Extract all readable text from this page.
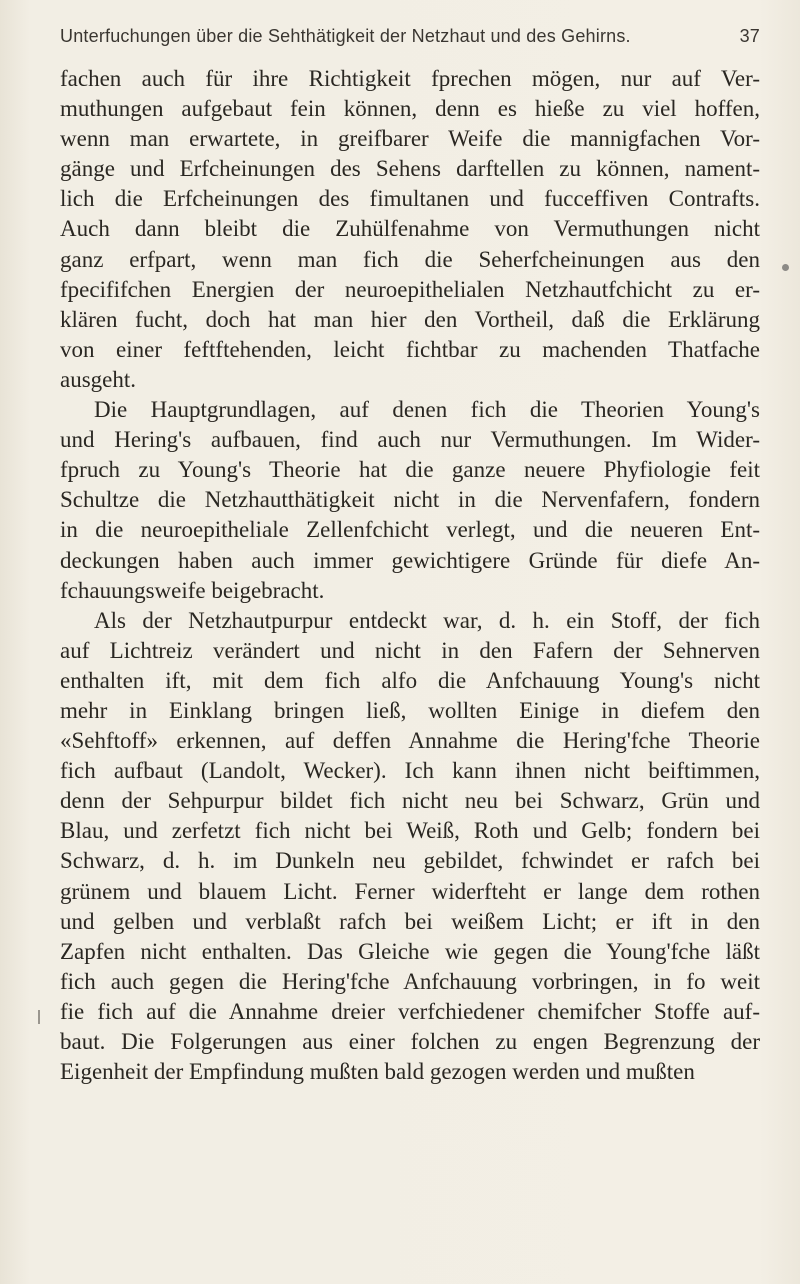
Unterfuchungen über die Sehthätigkeit der Netzhaut und des Gehirns.	37
fachen auch für ihre Richtigkeit fprechen mögen, nur auf Ver-
muthungen aufgebaut fein können, denn es hieße zu viel hoffen,
wenn man erwartete, in greifbarer Weife die mannigfachen Vor-
gänge und Erfcheinungen des Sehens darftellen zu können, nament-
lich die Erfcheinungen des fimultanen und fucceffiven Contrafts.
Auch dann bleibt die Zuhülfenahme von Vermuthungen nicht
ganz erfpart, wenn man fich die Seherfcheinungen aus den
fpecififchen Energien der neuroepithelialen Netzhautfchicht zu er-
klären fucht, doch hat man hier den Vortheil, daß die Erklärung
von einer feftftehenden, leicht fichtbar zu machenden Thatfache
ausgeht.
Die Hauptgrundlagen, auf denen fich die Theorien Young's
und Hering's aufbauen, find auch nur Vermuthungen. Im Wider-
fpruch zu Young's Theorie hat die ganze neuere Phyfiologie feit
Schultze die Netzhautthätigkeit nicht in die Nervenfafern, fondern
in die neuroepitheliale Zellenfchicht verlegt, und die neueren Ent-
deckungen haben auch immer gewichtigere Gründe für diefe An-
fchauungsweife beigebracht.
Als der Netzhautpurpur entdeckt war, d. h. ein Stoff, der fich
auf Lichtreiz verändert und nicht in den Fafern der Sehnerven
enthalten ift, mit dem fich alfo die Anfchauung Young's nicht
mehr in Einklang bringen ließ, wollten Einige in diefem den
«Sehftoff» erkennen, auf deffen Annahme die Hering'fche Theorie
fich aufbaut (Landolt, Wecker). Ich kann ihnen nicht beiftimmen,
denn der Sehpurpur bildet fich nicht neu bei Schwarz, Grün und
Blau, und zerfetzt fich nicht bei Weiß, Roth und Gelb; fondern bei
Schwarz, d. h. im Dunkeln neu gebildet, fchwindet er rafch bei
grünem und blauem Licht. Ferner widerfteht er lange dem rothen
und gelben und verblaßt rafch bei weißem Licht; er ift in den
Zapfen nicht enthalten. Das Gleiche wie gegen die Young'fche läßt
fich auch gegen die Hering'fche Anfchauung vorbringen, in fo weit
fie fich auf die Annahme dreier verfchiedener chemifcher Stoffe auf-
baut. Die Folgerungen aus einer folchen zu engen Begrenzung der
Eigenheit der Empfindung mußten bald gezogen werden und mußten
